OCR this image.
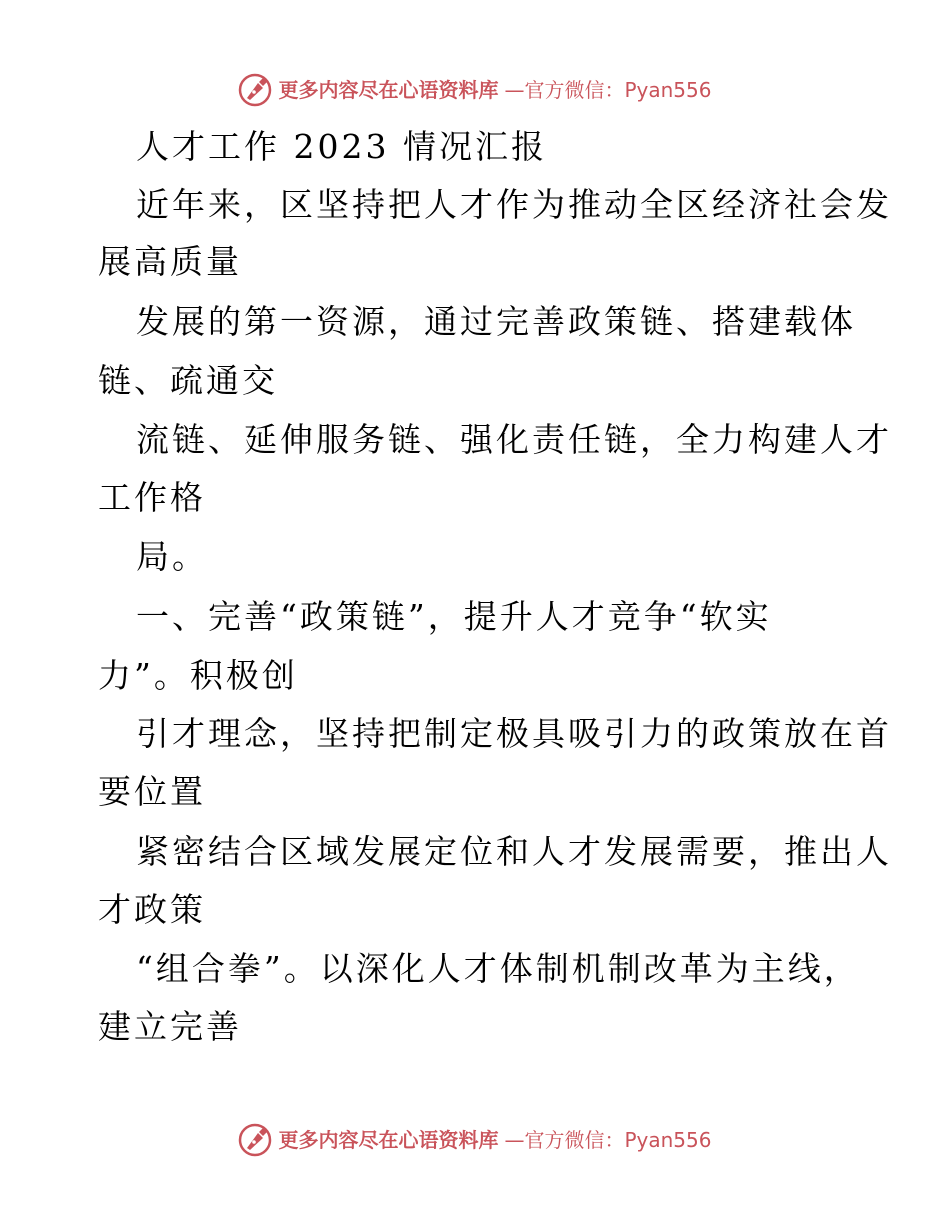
更多内容尽在心语资料库 —官方微信：Pyan556
人才工作 2023 情况汇报
近年来，区坚持把人才作为推动全区经济社会发
展高质量
发展的第一资源，通过完善政策链、搭建载体
链、疏通交
流链、延伸服务链、强化责任链，全力构建人才
工作格
局。
一、完善“政策链”，提升人才竞争“软实
力”。积极创
引才理念，坚持把制定极具吸引力的政策放在首
要位置
紧密结合区域发展定位和人才发展需要，推出人
才政策
“组合拳”。以深化人才体制机制改革为主线，
建立完善
更多内容尽在心语资料库 —官方微信：Pyan556
